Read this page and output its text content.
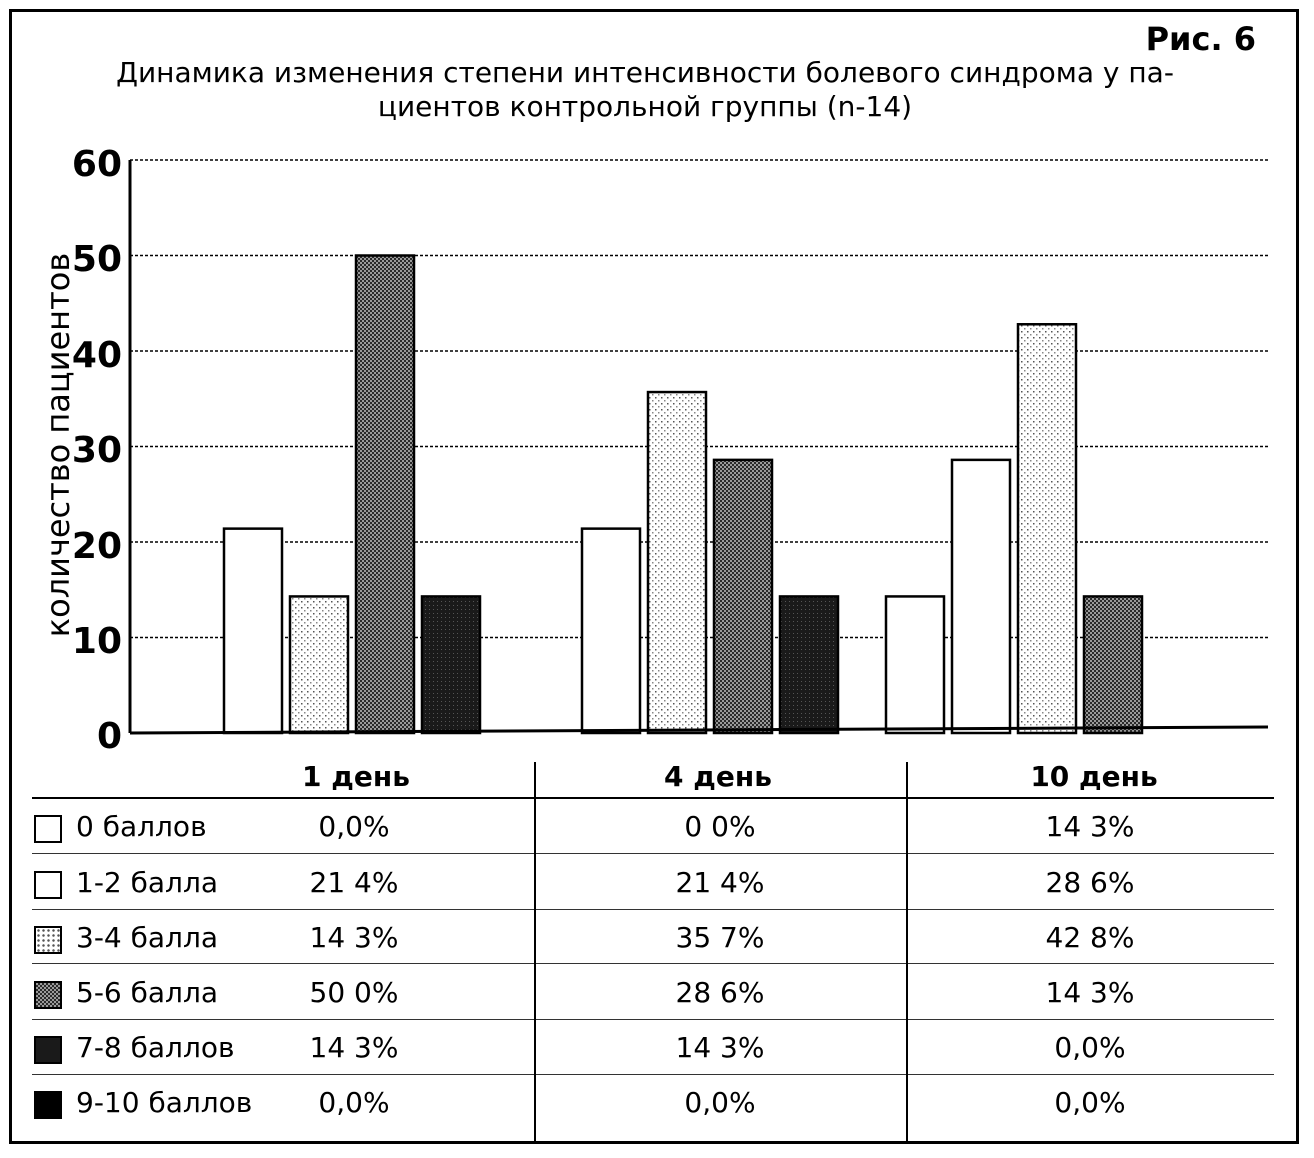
Рис. 6
Динамика изменения степени интенсивности болевого синдрома у па-
циентов контрольной группы (n-14)
количество пациентов
0
10
20
30
40
50
60
1 день	4 день	10 день
0 баллов	0,0%	0 0%	14 3%
1-2 балла	21 4%	21 4%	28 6%
3-4 балла	14 3%	35 7%	42 8%
5-6 балла	50 0%	28 6%	14 3%
7-8 баллов	14 3%	14 3%	0,0%
9-10 баллов	0,0%	0,0%	0,0%
